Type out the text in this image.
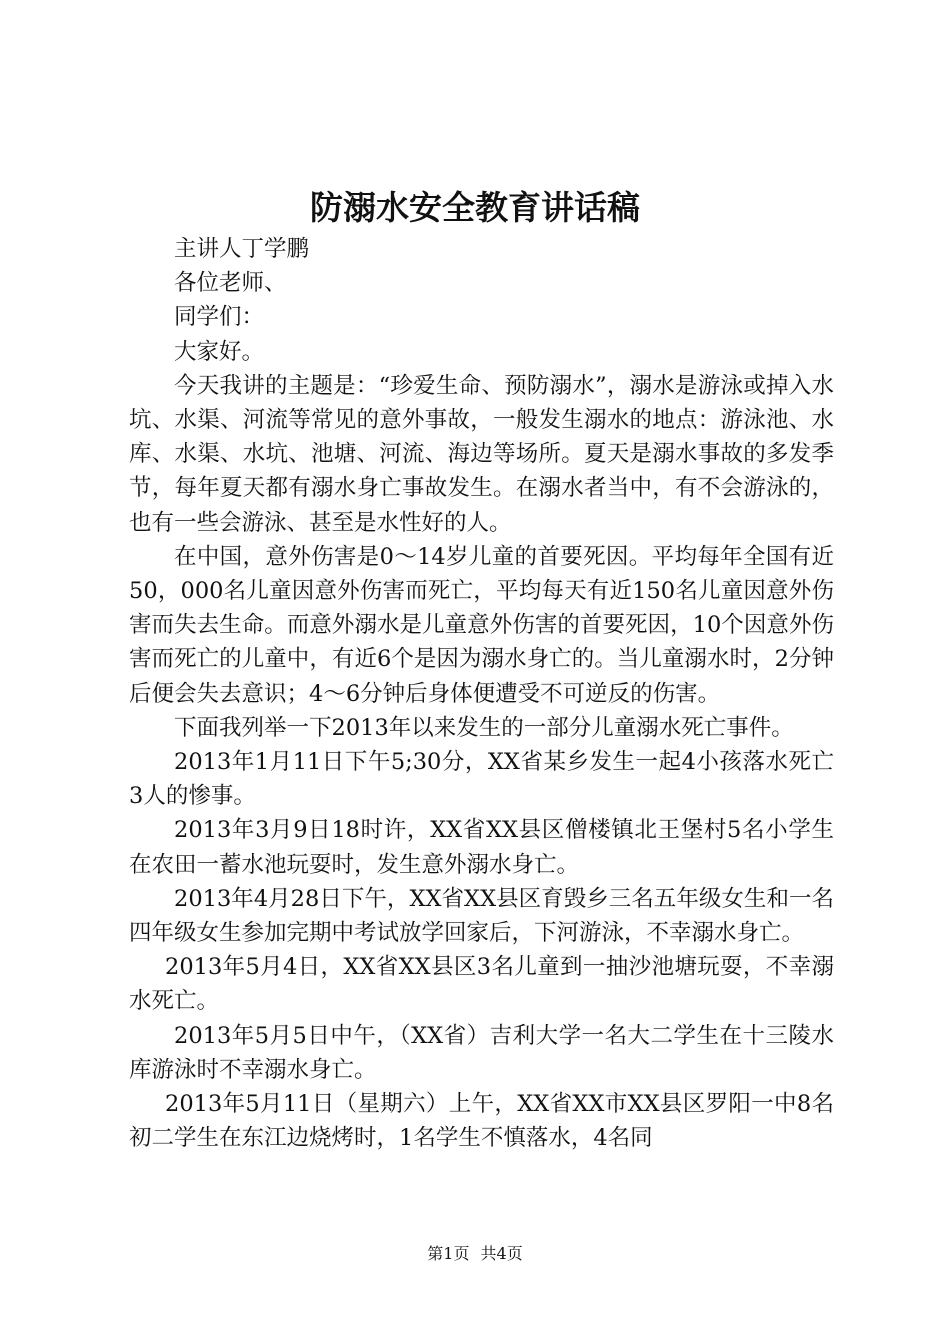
防溺水安全教育讲话稿

主讲人丁学鹏

各位老师、

同学们：

大家好。

今天我讲的主题是：“珍爱生命、预防溺水”，溺水是游泳或掉入水坑、水渠、河流等常见的意外事故，一般发生溺水的地点：游泳池、水库、水渠、水坑、池塘、河流、海边等场所。夏天是溺水事故的多发季节，每年夏天都有溺水身亡事故发生。在溺水者当中，有不会游泳的，也有一些会游泳、甚至是水性好的人。

在中国，意外伤害是0～14岁儿童的首要死因。平均每年全国有近50，000名儿童因意外伤害而死亡，平均每天有近150名儿童因意外伤害而失去生命。而意外溺水是儿童意外伤害的首要死因，10个因意外伤害而死亡的儿童中，有近6个是因为溺水身亡的。当儿童溺水时，2分钟后便会失去意识；4～6分钟后身体便遭受不可逆反的伤害。

下面我列举一下2013年以来发生的一部分儿童溺水死亡事件。

2013年1月11日下午5;30分，XX省某乡发生一起4小孩落水死亡3人的惨事。

2013年3月9日18时许，XX省XX县区僧楼镇北王堡村5名小学生在农田一蓄水池玩耍时，发生意外溺水身亡。

2013年4月28日下午，XX省XX县区育毁乡三名五年级女生和一名四年级女生参加完期中考试放学回家后，下河游泳，不幸溺水身亡。

2013年5月4日，XX省XX县区3名儿童到一抽沙池塘玩耍，不幸溺水死亡。

2013年5月5日中午，（XX省）吉利大学一名大二学生在十三陵水库游泳时不幸溺水身亡。

2013年5月11日（星期六）上午，XX省XX市XX县区罗阳一中8名初二学生在东江边烧烤时，1名学生不慎落水，4名同

第1页 共4页
